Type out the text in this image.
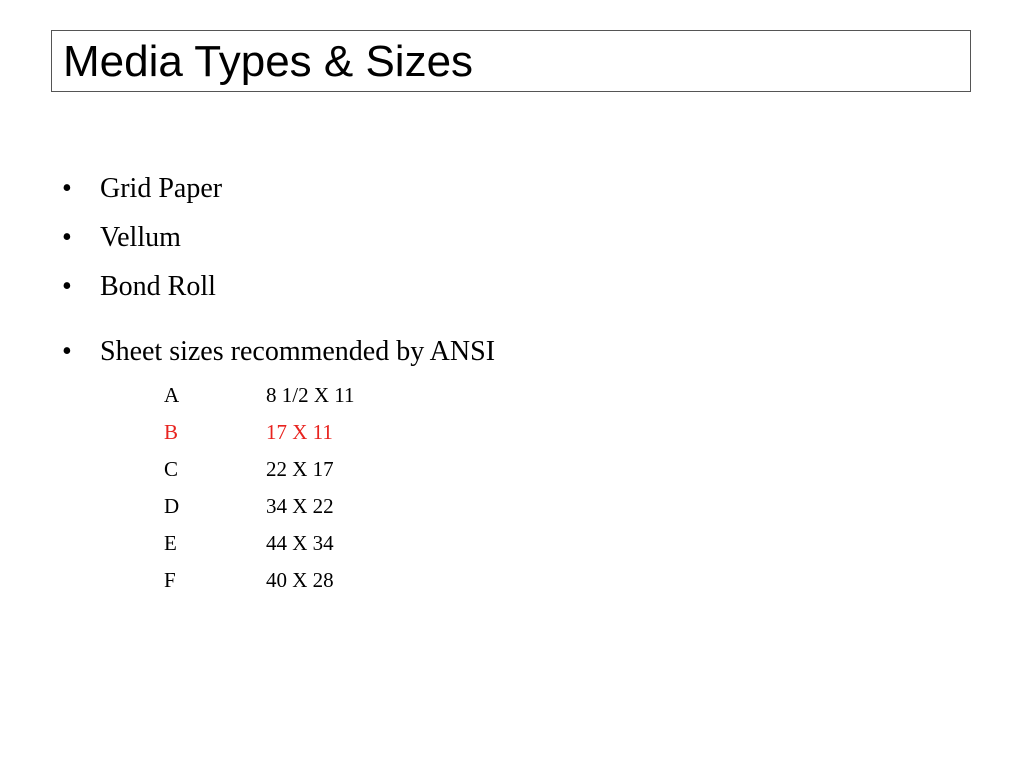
Media Types & Sizes
• Grid Paper
• Vellum
• Bond Roll
• Sheet sizes recommended by ANSI
A	8 1/2 X 11
B	17 X 11
C	22 X 17
D	34 X 22
E	44 X 34
F	40 X 28
